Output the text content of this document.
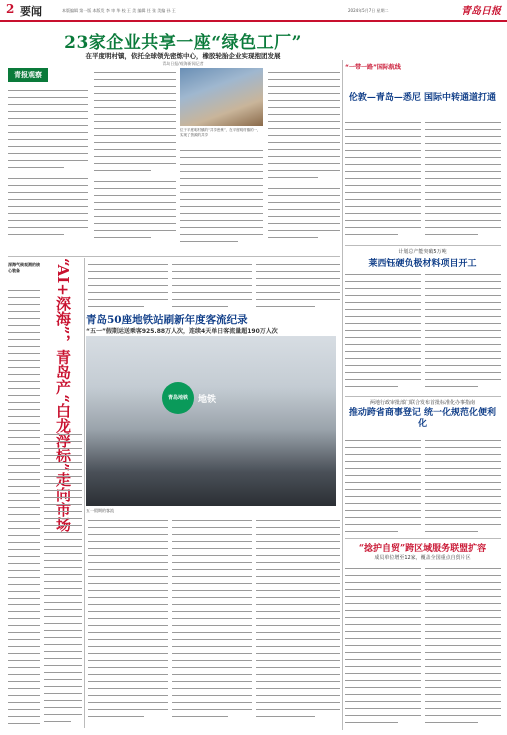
2 要闻	本版编辑 第一版 本版发 李 审 华 校 王 美 编辑 任 张 美编 孙 王	2024年5月7日 星期二	青岛日报
23家企业共享一座“绿色工厂”
在平度明村镇，依托全球领先密炼中心，橡胶轮胎企业实现抱团发展
青岛日报/观海新闻记者
青报观察
位于平度明村镇的“共享密炼”，在平度明村镇的一，实现了资源的共享
“AI+深海”，青岛产“白龙浮标”走向市场
深海气候观测的核心装备
青岛50座地铁站刷新年度客流纪录
“五一”假期运送乘客925.88万人次，连续4天单日客流量超190万人次
青岛地铁	地铁
五一假期的客流
“一带一路”国际航线
伦敦—青岛—悉尼 国际中转通道打通
计划总产能突破5万吨
莱西钰硬负极材料项目开工
两地行政审批部门联合发布首批标准化办事指南
推动跨省商事登记 统一化规范化便利化
“捻护自贸”跨区域服务联盟扩容
成员单位增至12家，覆盖全国重点自贸片区
